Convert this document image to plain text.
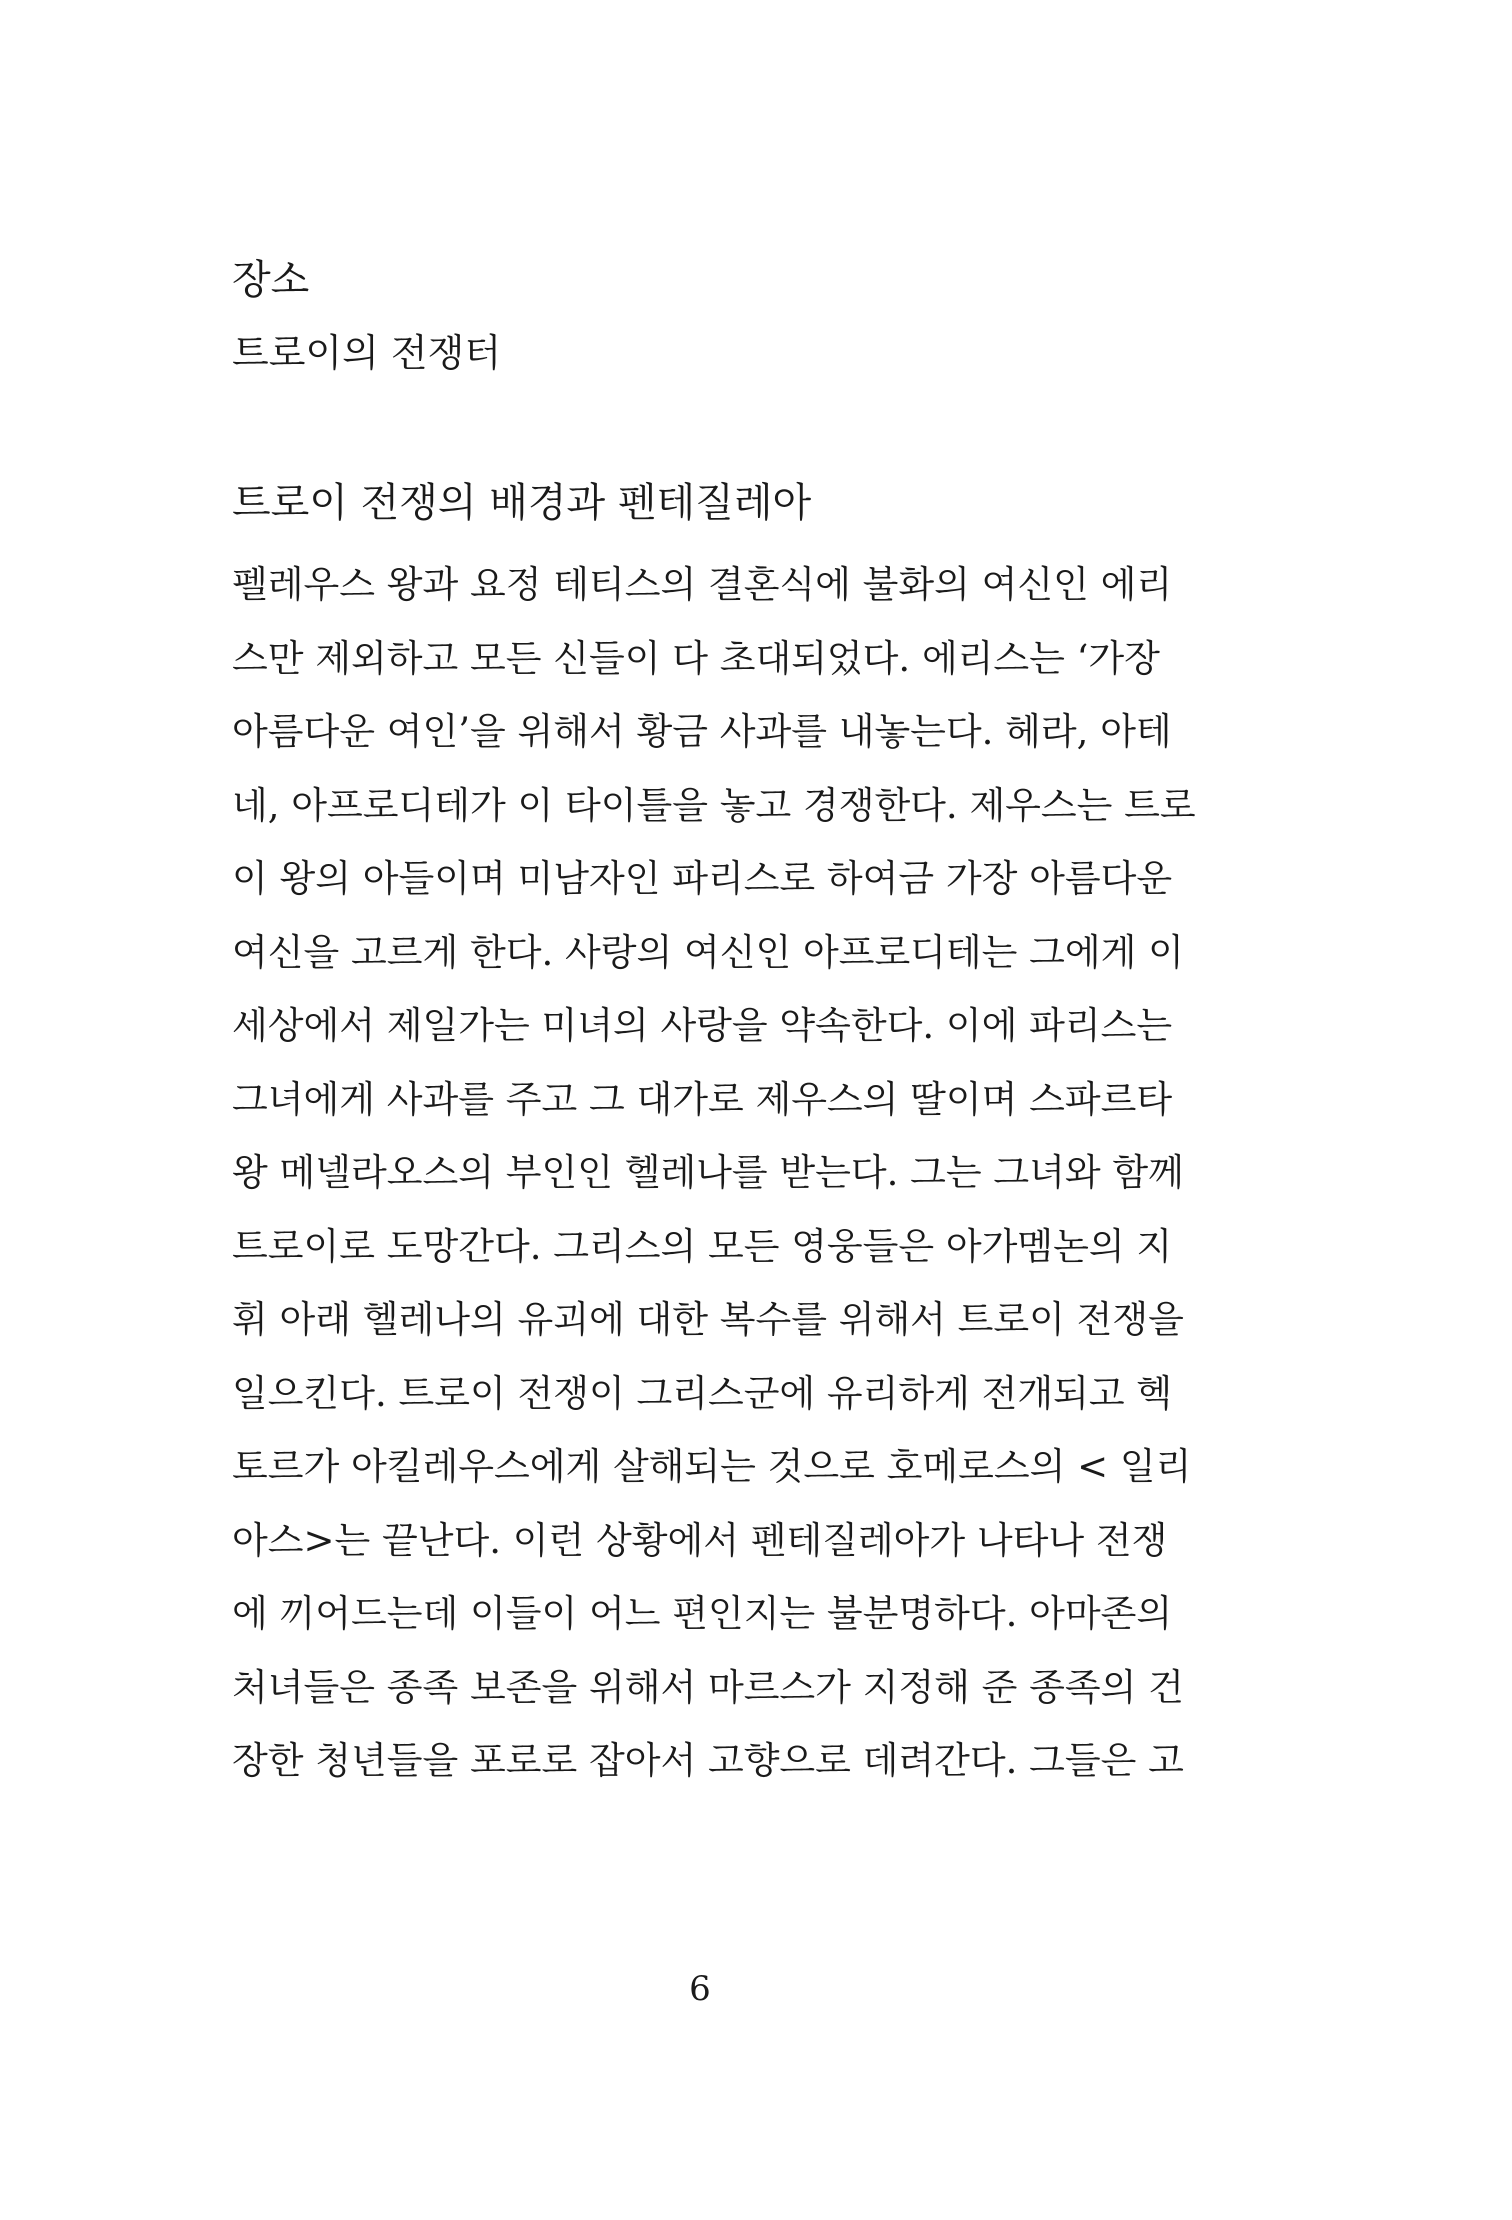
장소

트로이의 전쟁터

트로이 전쟁의 배경과 펜테질레아
펠레우스 왕과 요정 테티스의 결혼식에 불화의 여신인 에리
스만 제외하고 모든 신들이 다 초대되었다. 에리스는 ‘가장
아름다운 여인’을 위해서 황금 사과를 내놓는다. 헤라, 아테
네, 아프로디테가 이 타이틀을 놓고 경쟁한다. 제우스는 트로
이 왕의 아들이며 미남자인 파리스로 하여금 가장 아름다운
여신을 고르게 한다. 사랑의 여신인 아프로디테는 그에게 이
세상에서 제일가는 미녀의 사랑을 약속한다. 이에 파리스는
그녀에게 사과를 주고 그 대가로 제우스의 딸이며 스파르타
왕 메넬라오스의 부인인 헬레나를 받는다. 그는 그녀와 함께
트로이로 도망간다. 그리스의 모든 영웅들은 아가멤논의 지
휘 아래 헬레나의 유괴에 대한 복수를 위해서 트로이 전쟁을
일으킨다. 트로이 전쟁이 그리스군에 유리하게 전개되고 헥
토르가 아킬레우스에게 살해되는 것으로 호메로스의 < 일리
아스>는 끝난다. 이런 상황에서 펜테질레아가 나타나 전쟁
에 끼어드는데 이들이 어느 편인지는 불분명하다. 아마존의
처녀들은 종족 보존을 위해서 마르스가 지정해 준 종족의 건
장한 청년들을 포로로 잡아서 고향으로 데려간다. 그들은 고

6
